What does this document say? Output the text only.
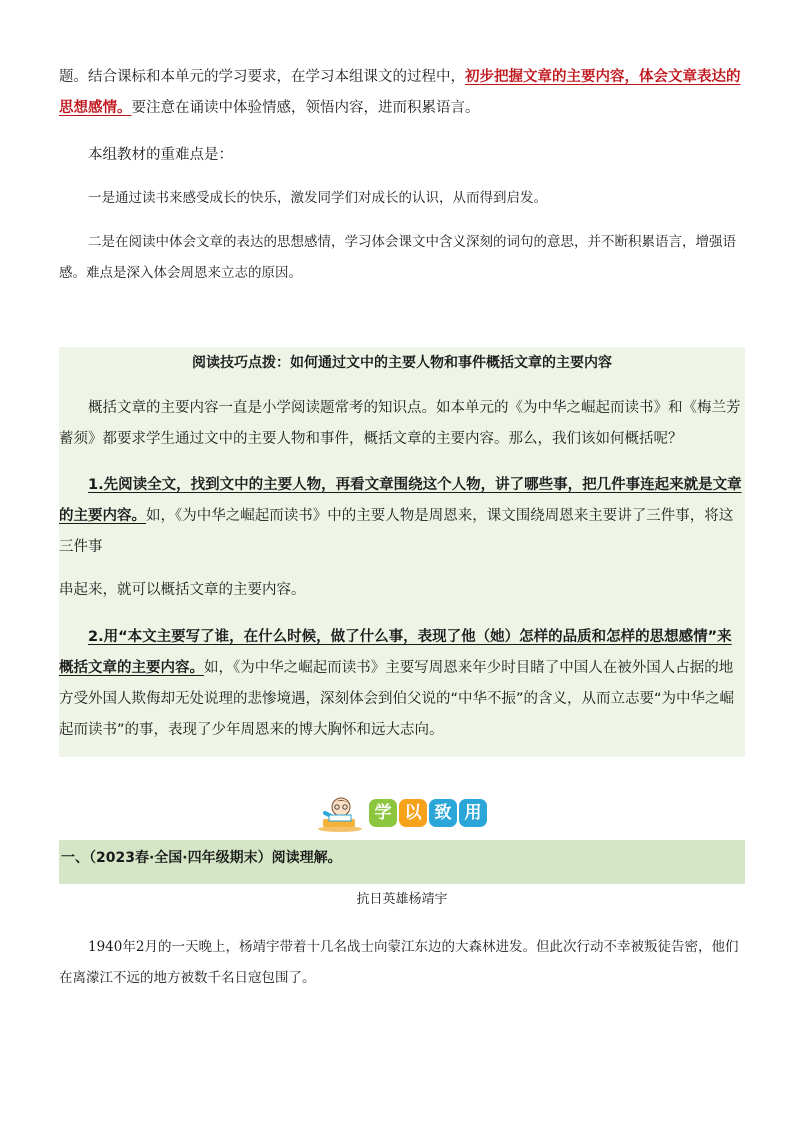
题。结合课标和本单元的学习要求，在学习本组课文的过程中，初步把握文章的主要内容，体会文章表达的思想感情。要注意在诵读中体验情感，领悟内容，进而积累语言。

本组教材的重难点是：

一是通过读书来感受成长的快乐，激发同学们对成长的认识，从而得到启发。

二是在阅读中体会文章的表达的思想感情，学习体会课文中含义深刻的词句的意思，并不断积累语言，增强语感。难点是深入体会周恩来立志的原因。

阅读技巧点拨：如何通过文中的主要人物和事件概括文章的主要内容

概括文章的主要内容一直是小学阅读题常考的知识点。如本单元的《为中华之崛起而读书》和《梅兰芳蓄须》都要求学生通过文中的主要人物和事件，概括文章的主要内容。那么，我们该如何概括呢？

1.先阅读全文，找到文中的主要人物，再看文章围绕这个人物，讲了哪些事，把几件事连起来就是文章的主要内容。如，《为中华之崛起而读书》中的主要人物是周恩来，课文围绕周恩来主要讲了三件事，将这三件事

串起来，就可以概括文章的主要内容。

2.用“本文主要写了谁，在什么时候，做了什么事，表现了他（她）怎样的品质和怎样的思想感情”来概括文章的主要内容。如，《为中华之崛起而读书》主要写周恩来年少时目睹了中国人在被外国人占据的地方受外国人欺侮却无处说理的悲惨境遇，深刻体会到伯父说的“中华不振”的含义，从而立志要“为中华之崛起而读书”的事，表现了少年周恩来的博大胸怀和远大志向。

学 以 致 用
一、（2023春·全国·四年级期末）阅读理解。
抗日英雄杨靖宇

1940年2月的一天晚上，杨靖宇带着十几名战士向蒙江东边的大森林进发。但此次行动不幸被叛徒告密，他们在离濛江不远的地方被数千名日寇包围了。
